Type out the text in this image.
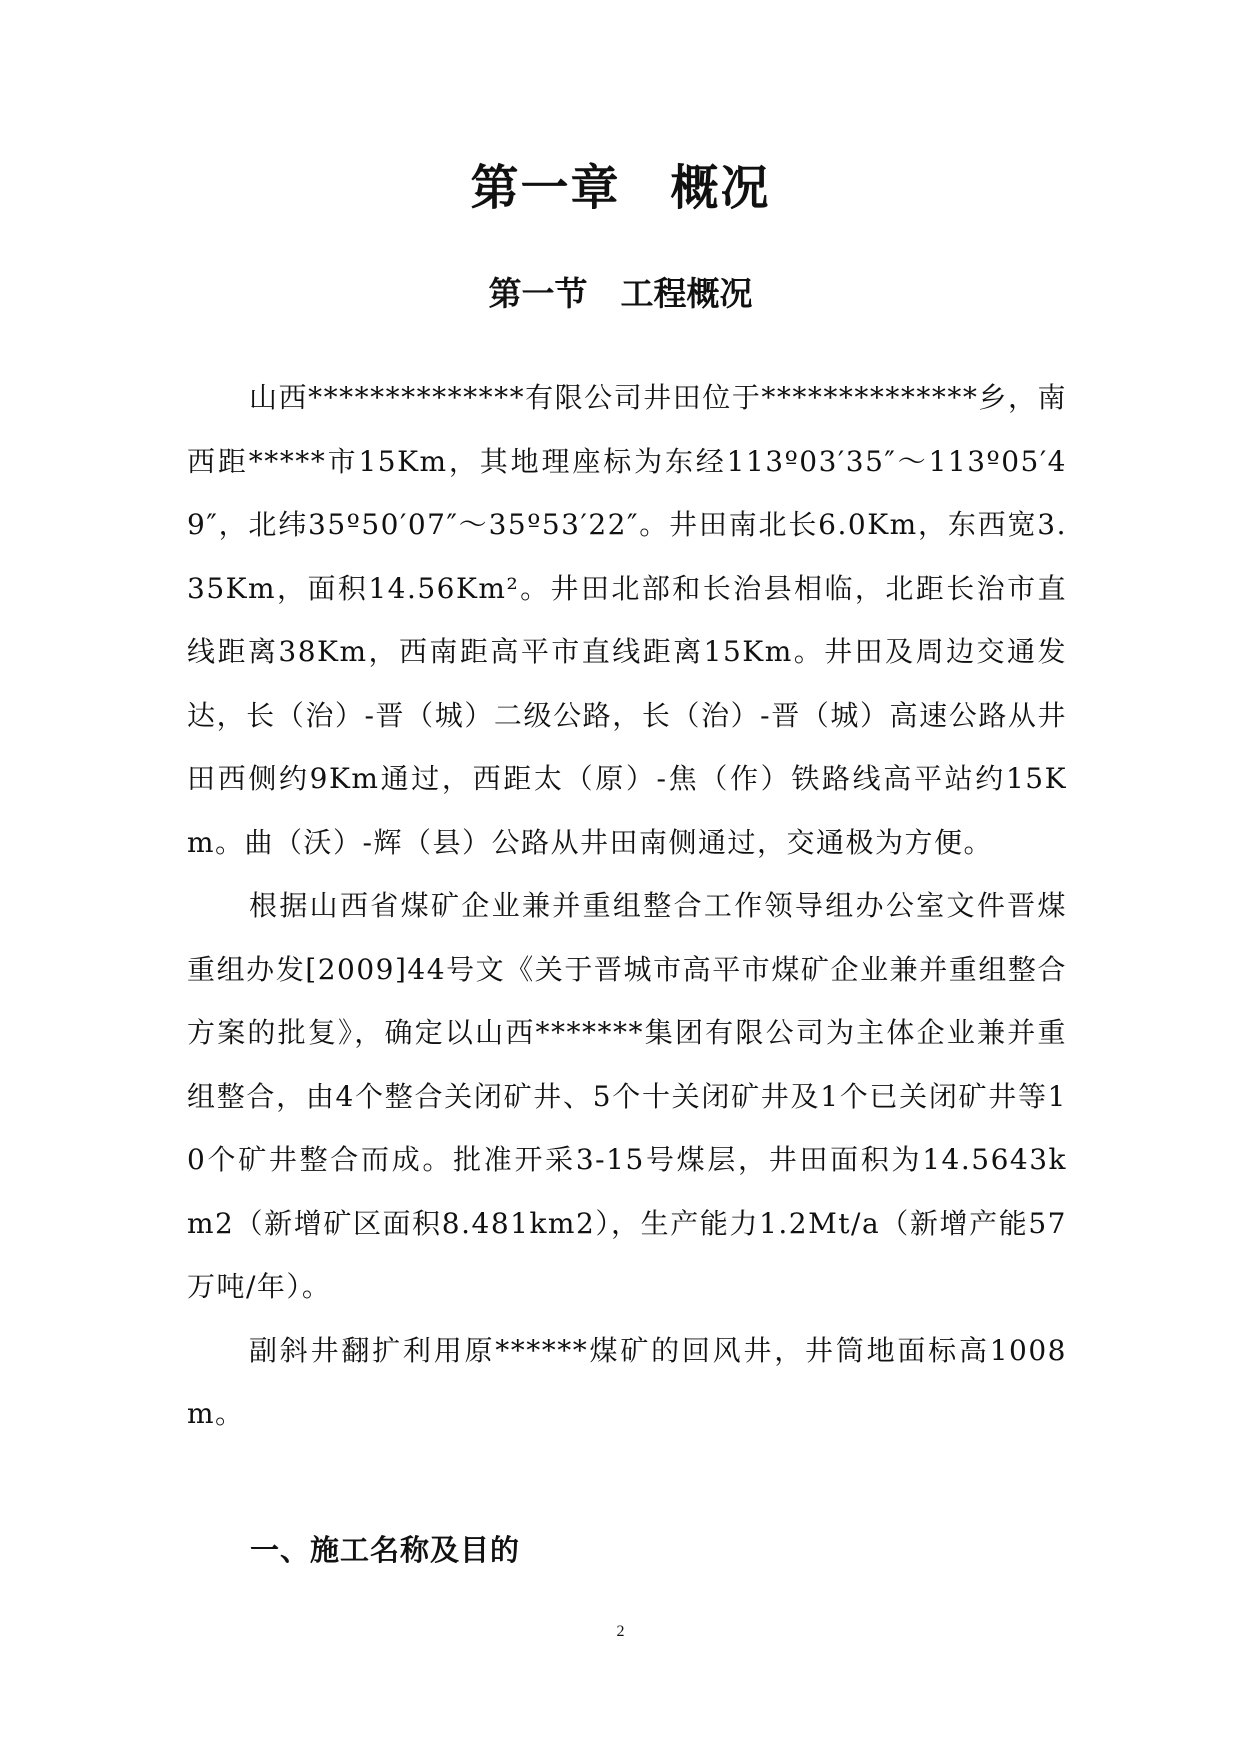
第一章　概况
第一节　工程概况

山西**************有限公司井田位于**************乡，南西距*****市15Km，其地理座标为东经113º03′35″～113º05′49″，北纬35º50′07″～35º53′22″。井田南北长6.0Km，东西宽3.35Km，面积14.56Km²。井田北部和长治县相临，北距长治市直线距离38Km，西南距高平市直线距离15Km。井田及周边交通发达，长（治）-晋（城）二级公路，长（治）-晋（城）高速公路从井田西侧约9Km通过，西距太（原）-焦（作）铁路线高平站约15Km。曲（沃）-辉（县）公路从井田南侧通过，交通极为方便。

根据山西省煤矿企业兼并重组整合工作领导组办公室文件晋煤重组办发[2009]44号文《关于晋城市高平市煤矿企业兼并重组整合方案的批复》，确定以山西*******集团有限公司为主体企业兼并重组整合，由4个整合关闭矿井、5个十关闭矿井及1个已关闭矿井等10个矿井整合而成。批准开采3-15号煤层，井田面积为14.5643km2（新增矿区面积8.481km2），生产能力1.2Mt/a（新增产能57万吨/年）。

副斜井翻扩利用原******煤矿的回风井，井筒地面标高1008m。

一、施工名称及目的
2
